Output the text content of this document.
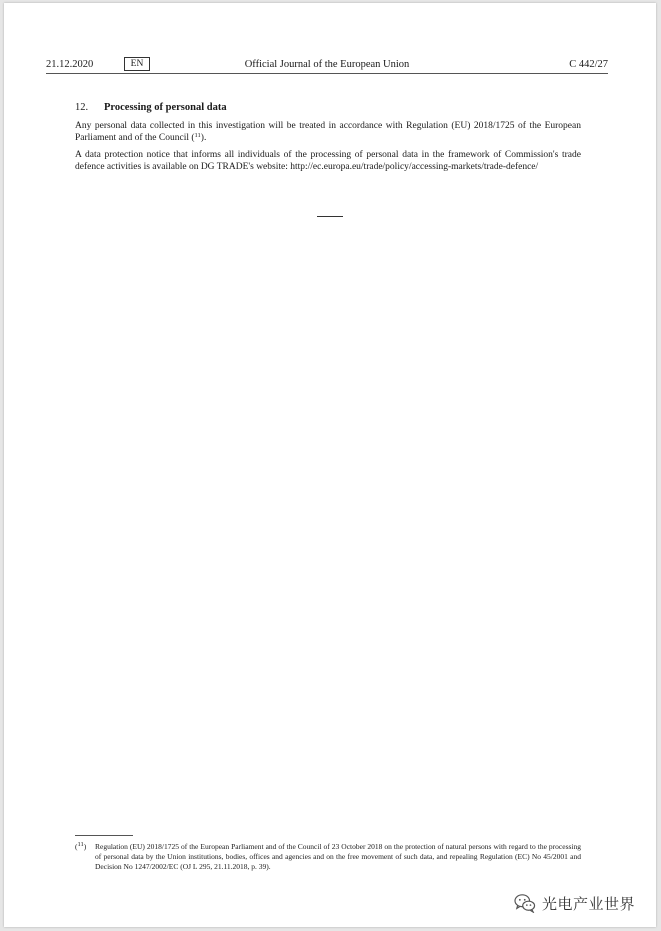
21.12.2020	EN	Official Journal of the European Union	C 442/27
12. Processing of personal data
Any personal data collected in this investigation will be treated in accordance with Regulation (EU) 2018/1725 of the European Parliament and of the Council ($^{11}$).
A data protection notice that informs all individuals of the processing of personal data in the framework of Commission's trade defence activities is available on DG TRADE's website: http://ec.europa.eu/trade/policy/accessing-markets/trade-defence/
($^{11}$) Regulation (EU) 2018/1725 of the European Parliament and of the Council of 23 October 2018 on the protection of natural persons with regard to the processing of personal data by the Union institutions, bodies, offices and agencies and on the free movement of such data, and repealing Regulation (EC) No 45/2001 and Decision No 1247/2002/EC (OJ L 295, 21.11.2018, p. 39).
光电产业世界
